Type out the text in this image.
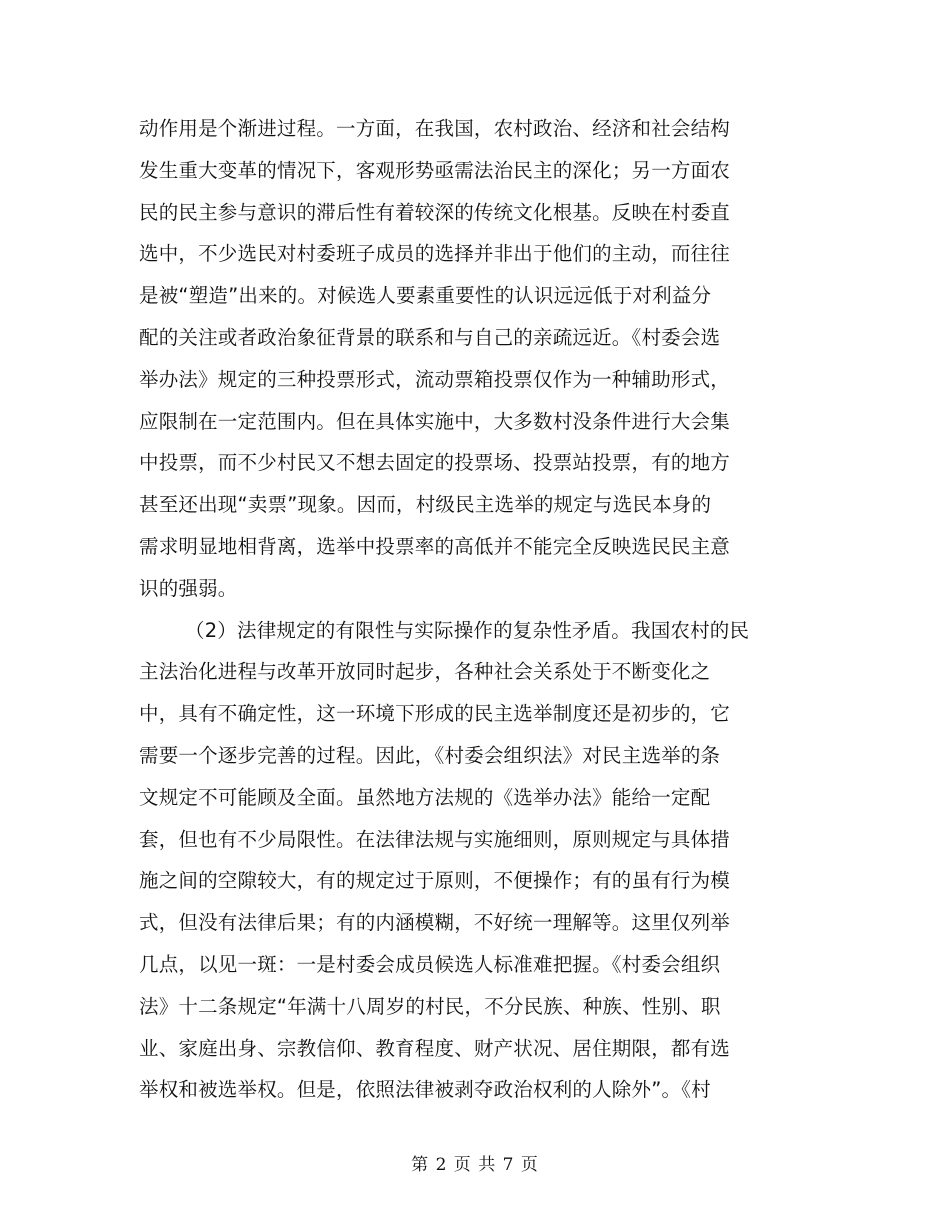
动作用是个渐进过程。一方面，在我国，农村政治、经济和社会结构
发生重大变革的情况下，客观形势亟需法治民主的深化；另一方面农
民的民主参与意识的滞后性有着较深的传统文化根基。反映在村委直
选中，不少选民对村委班子成员的选择并非出于他们的主动，而往往
是被“塑造”出来的。对候选人要素重要性的认识远远低于对利益分
配的关注或者政治象征背景的联系和与自己的亲疏远近。《村委会选
举办法》规定的三种投票形式，流动票箱投票仅作为一种辅助形式，
应限制在一定范围内。但在具体实施中，大多数村没条件进行大会集
中投票，而不少村民又不想去固定的投票场、投票站投票，有的地方
甚至还出现“卖票”现象。因而，村级民主选举的规定与选民本身的
需求明显地相背离，选举中投票率的高低并不能完全反映选民民主意
识的强弱。
（2）法律规定的有限性与实际操作的复杂性矛盾。我国农村的民
主法治化进程与改革开放同时起步，各种社会关系处于不断变化之
中，具有不确定性，这一环境下形成的民主选举制度还是初步的，它
需要一个逐步完善的过程。因此，《村委会组织法》对民主选举的条
文规定不可能顾及全面。虽然地方法规的《选举办法》能给一定配
套，但也有不少局限性。在法律法规与实施细则，原则规定与具体措
施之间的空隙较大，有的规定过于原则，不便操作；有的虽有行为模
式，但没有法律后果；有的内涵模糊，不好统一理解等。这里仅列举
几点，以见一斑：一是村委会成员候选人标准难把握。《村委会组织
法》十二条规定“年满十八周岁的村民，不分民族、种族、性别、职
业、家庭出身、宗教信仰、教育程度、财产状况、居住期限，都有选
举权和被选举权。但是，依照法律被剥夺政治权利的人除外”。《村
第 2 页 共 7 页
